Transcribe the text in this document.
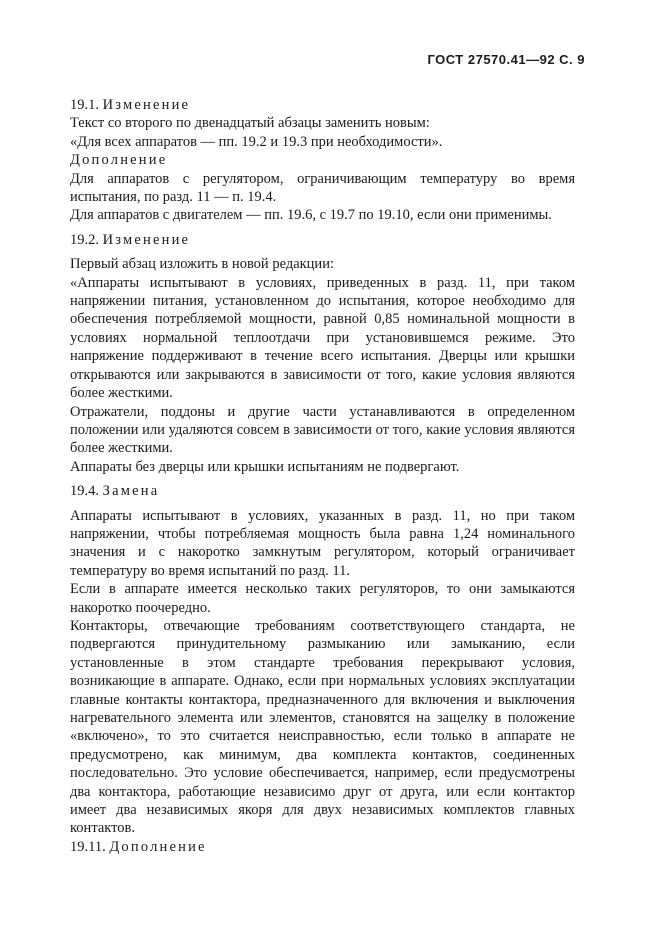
ГОСТ 27570.41—92 С. 9
19.1. Изменение
Текст со второго по двенадцатый абзацы заменить новым:
«Для всех аппаратов — пп. 19.2 и 19.3 при необходимости».
Дополнение
Для аппаратов с регулятором, ограничивающим температуру во время испытания, по разд. 11 — п. 19.4.
Для аппаратов с двигателем — пп. 19.6, с 19.7 по 19.10, если они применимы.
19.2. Изменение
Первый абзац изложить в новой редакции:
«Аппараты испытывают в условиях, приведенных в разд. 11, при таком напряжении питания, установленном до испытания, которое необходимо для обеспечения потребляемой мощности, равной 0,85 номинальной мощности в условиях нормальной теплоотдачи при установившемся режиме. Это напряжение поддерживают в течение всего испытания. Дверцы или крышки открываются или закрываются в зависимости от того, какие условия являются более жесткими.
Отражатели, поддоны и другие части устанавливаются в определенном положении или удаляются совсем в зависимости от того, какие условия являются более жесткими.
Аппараты без дверцы или крышки испытаниям не подвергают.
19.4. Замена
Аппараты испытывают в условиях, указанных в разд. 11, но при таком напряжении, чтобы потребляемая мощность была равна 1,24 номинального значения и с накоротко замкнутым регулятором, который ограничивает температуру во время испытаний по разд. 11.
Если в аппарате имеется несколько таких регуляторов, то они замыкаются накоротко поочередно.
Контакторы, отвечающие требованиям соответствующего стандарта, не подвергаются принудительному размыканию или замыканию, если установленные в этом стандарте требования перекрывают условия, возникающие в аппарате. Однако, если при нормальных условиях эксплуатации главные контакты контактора, предназначенного для включения и выключения нагревательного элемента или элементов, становятся на защелку в положение «включено», то это считается неисправностью, если только в аппарате не предусмотрено, как минимум, два комплекта контактов, соединенных последовательно. Это условие обеспечивается, например, если предусмотрены два контактора, работающие независимо друг от друга, или если контактор имеет два независимых якоря для двух независимых комплектов главных контактов.
19.11. Дополнение
